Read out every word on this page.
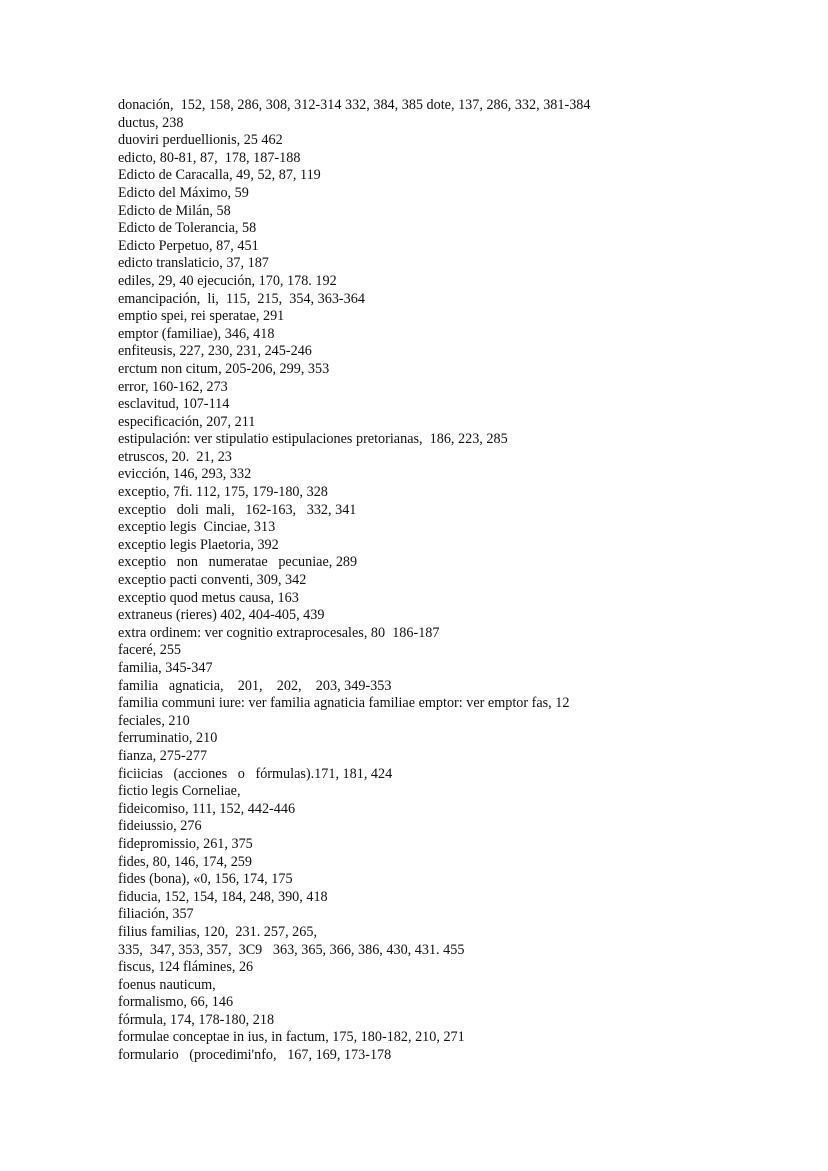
donación,  152, 158, 286, 308, 312-314 332, 384, 385 dote, 137, 286, 332, 381-384
ductus, 238
duoviri perduellionis, 25 462
edicto, 80-81, 87,  178, 187-188
Edicto de Caracalla, 49, 52, 87, 119
Edicto del Máximo, 59
Edicto de Milán, 58
Edicto de Tolerancia, 58
Edicto Perpetuo, 87, 451
edicto translaticio, 37, 187
ediles, 29, 40 ejecución, 170, 178. 192
emancipación,  li,  115,  215,  354, 363-364
emptio spei, rei speratae, 291
emptor (familiae), 346, 418
enfiteusis, 227, 230, 231, 245-246
erctum non citum, 205-206, 299, 353
error, 160-162, 273
esclavitud, 107-114
especificación, 207, 211
estipulación: ver stipulatio estipulaciones pretorianas,  186, 223, 285
etruscos, 20.  21, 23
evicción, 146, 293, 332
exceptio, 7fi. 112, 175, 179-180, 328
exceptio   doli  mali,   162-163,   332, 341
exceptio legis  Cinciae, 313
exceptio legis Plaetoria, 392
exceptio   non   numeratae   pecuniae, 289
exceptio pacti conventi, 309, 342
exceptio quod metus causa, 163
extraneus (rieres) 402, 404-405, 439
extra ordinem: ver cognitio extraprocesales, 80  186-187
faceré, 255
familia, 345-347
familia   agnaticia,    201,    202,    203, 349-353
familia communi iure: ver familia agnaticia familiae emptor: ver emptor fas, 12
feciales, 210
ferruminatio, 210
fianza, 275-277
ficiicias   (acciones   o   fórmulas).171, 181, 424
fictio legis Corneliae,
fideicomiso, 111, 152, 442-446
fideiussio, 276
fidepromissio, 261, 375
fides, 80, 146, 174, 259
fides (bona), «0, 156, 174, 175
fiducia, 152, 154, 184, 248, 390, 418
filiación, 357
filius familias, 120,  231. 257, 265,
335,  347, 353, 357,  3C9   363, 365, 366, 386, 430, 431. 455
fiscus, 124 flámines, 26
foenus nauticum,
formalismo, 66, 146
fórmula, 174, 178-180, 218
formulae conceptae in ius, in factum, 175, 180-182, 210, 271
formulario   (procedimi'nfo,   167, 169, 173-178
